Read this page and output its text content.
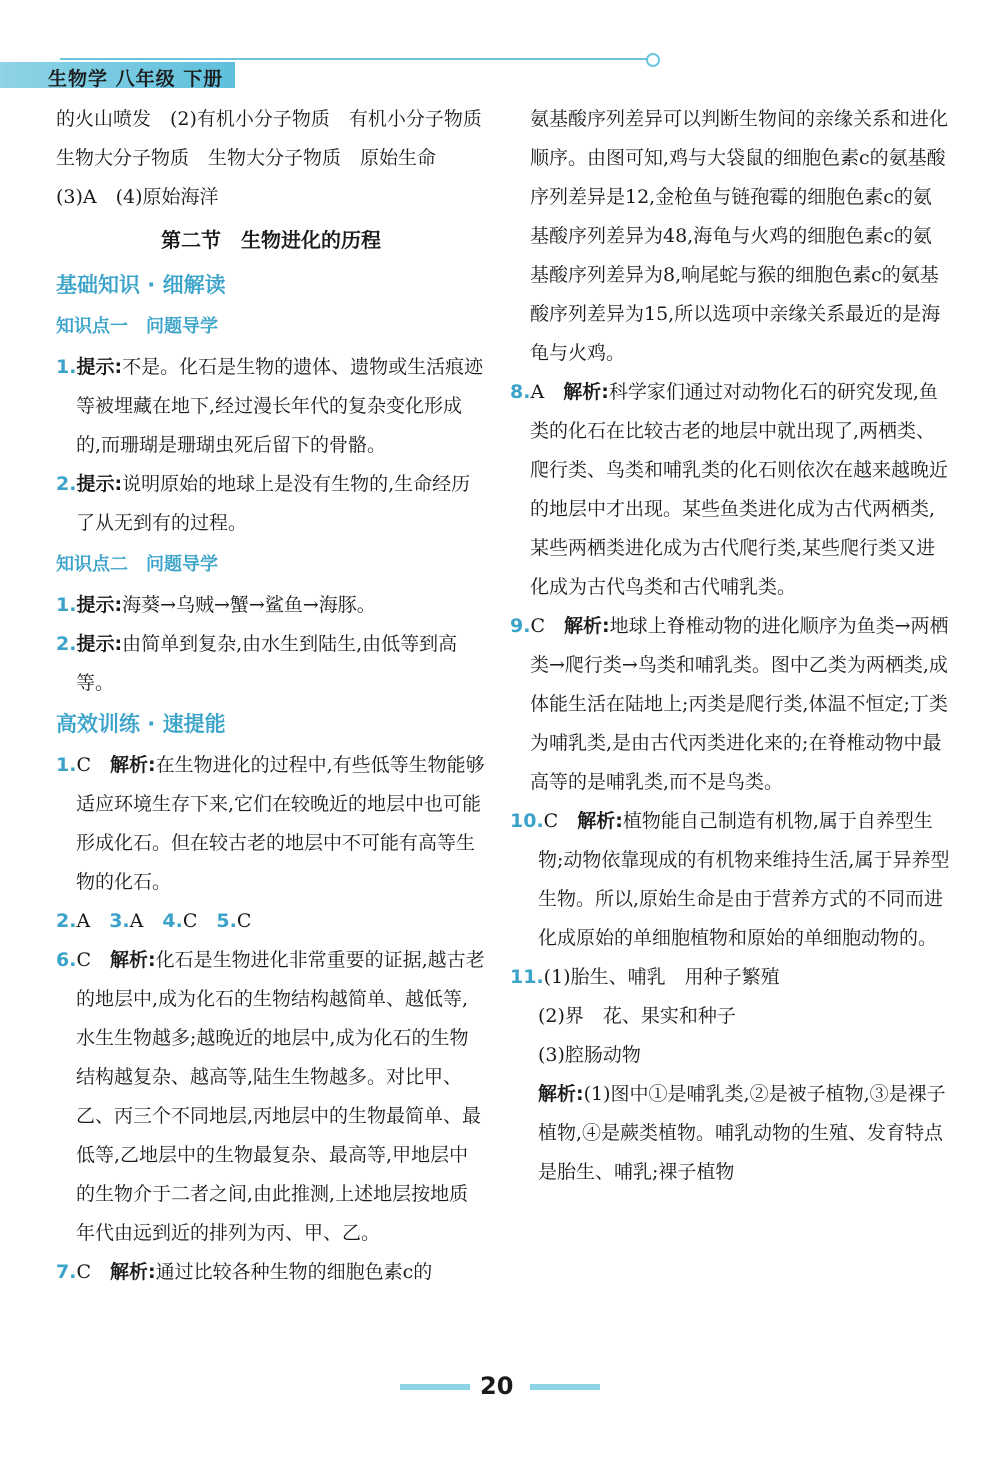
生物学 八年级 下册

的火山喷发　(2)有机小分子物质　有机小分子物质　生物大分子物质　生物大分子物质　原始生命　(3)A　(4)原始海洋

第二节　生物进化的历程

基础知识 · 细解读

知识点一　问题导学

1.提示:不是。化石是生物的遗体、遗物或生活痕迹等被埋藏在地下,经过漫长年代的复杂变化形成的,而珊瑚是珊瑚虫死后留下的骨骼。

2.提示:说明原始的地球上是没有生物的,生命经历了从无到有的过程。

知识点二　问题导学

1.提示:海葵→乌贼→蟹→鲨鱼→海豚。

2.提示:由简单到复杂,由水生到陆生,由低等到高等。

高效训练 · 速提能

1.C　 解析:在生物进化的过程中,有些低等生物能够适应环境生存下来,它们在较晚近的地层中也可能形成化石。但在较古老的地层中不可能有高等生物的化石。

2.A　 3.A　 4.C　 5.C

6.C　 解析:化石是生物进化非常重要的证据,越古老的地层中,成为化石的生物结构越简单、越低等,水生生物越多;越晚近的地层中,成为化石的生物结构越复杂、越高等,陆生生物越多。对比甲、乙、丙三个不同地层,丙地层中的生物最简单、最低等,乙地层中的生物最复杂、最高等,甲地层中的生物介于二者之间,由此推测,上述地层按地质年代由远到近的排列为丙、甲、乙。

7.C　 解析:通过比较各种生物的细胞色素c的

氨基酸序列差异可以判断生物间的亲缘关系和进化顺序。由图可知,鸡与大袋鼠的细胞色素c的氨基酸序列差异是12,金枪鱼与链孢霉的细胞色素c的氨基酸序列差异为48,海龟与火鸡的细胞色素c的氨基酸序列差异为8,响尾蛇与猴的细胞色素c的氨基酸序列差异为15,所以选项中亲缘关系最近的是海龟与火鸡。

8.A　 解析:科学家们通过对动物化石的研究发现,鱼类的化石在比较古老的地层中就出现了,两栖类、爬行类、鸟类和哺乳类的化石则依次在越来越晚近的地层中才出现。某些鱼类进化成为古代两栖类,某些两栖类进化成为古代爬行类,某些爬行类又进化成为古代鸟类和古代哺乳类。

9.C　 解析:地球上脊椎动物的进化顺序为鱼类→两栖类→爬行类→鸟类和哺乳类。图中乙类为两栖类,成体能生活在陆地上;丙类是爬行类,体温不恒定;丁类为哺乳类,是由古代丙类进化来的;在脊椎动物中最高等的是哺乳类,而不是鸟类。

10.C　 解析:植物能自己制造有机物,属于自养型生物;动物依靠现成的有机物来维持生活,属于异养型生物。所以,原始生命是由于营养方式的不同而进化成原始的单细胞植物和原始的单细胞动物的。

11.(1)胎生、哺乳　用种子繁殖

(2)界　花、果实和种子

(3)腔肠动物

解析:(1)图中①是哺乳类,②是被子植物,③是裸子植物,④是蕨类植物。哺乳动物的生殖、发育特点是胎生、哺乳;裸子植物

20
